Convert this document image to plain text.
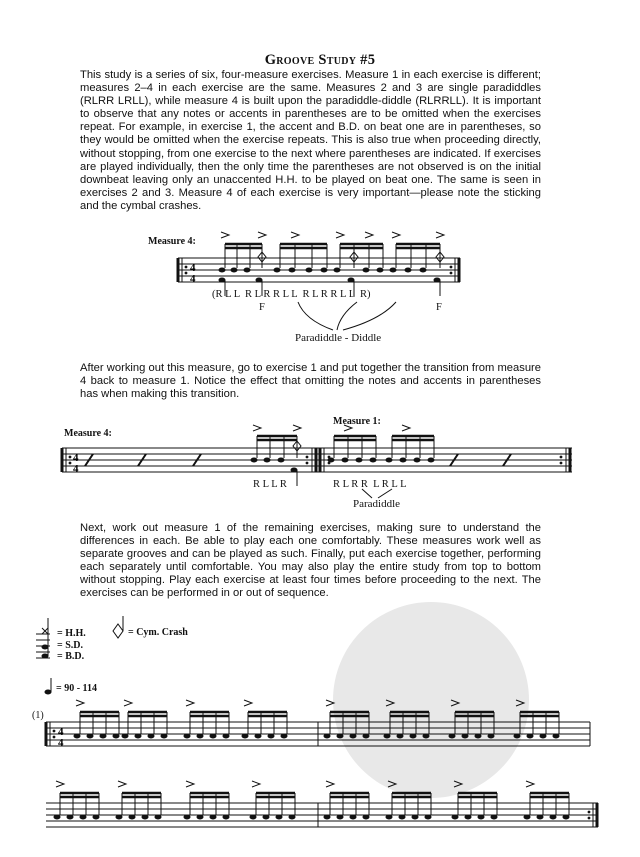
Groove Study #5
This study is a series of six, four-measure exercises. Measure 1 in each exercise is different; measures 2–4 in each exercise are the same. Measures 2 and 3 are single paradiddles (RLRR LRLL), while measure 4 is built upon the paradiddle-diddle (RLRRLL). It is important to observe that any notes or accents in parentheses are to be omitted when the exercises repeat. For example, in exercise 1, the accent and B.D. on beat one are in parentheses, so they would be omitted when the exercise repeats. This is also true when proceeding directly, without stopping, from one exercise to the next where parentheses are indicated. If exercises are played individually, then the only time the parentheses are not observed is on the initial downbeat leaving only an unaccented H.H. to be played on beat one. The same is seen in exercises 2 and 3. Measure 4 of each exercise is very important—please note the sticking and the cymbal crashes.
Measure 4:
4
4
(R L L  R L R R L L  R L R R L L  R)
F	F
Paradiddle - Diddle
After working out this measure, go to exercise 1 and put together the transition from measure 4 back to measure 1. Notice the effect that omitting the notes and accents in parentheses has when making this transition.
Measure 4:
Measure 1:
4
4
R L L R	R L R R  L R L L
Paradiddle
Next, work out measure 1 of the remaining exercises, making sure to understand the differences in each. Be able to play each one comfortably. These measures work well as separate grooves and can be played as such. Finally, put each exercise together, performing each separately until comfortable. You may also play the entire study from top to bottom without stopping. Play each exercise at least four times before proceeding to the next. The exercises can be performed in or out of sequence.
= H.H.
= S.D.
= B.D.
= Cym. Crash
= 90 - 114
(1)
4
4
